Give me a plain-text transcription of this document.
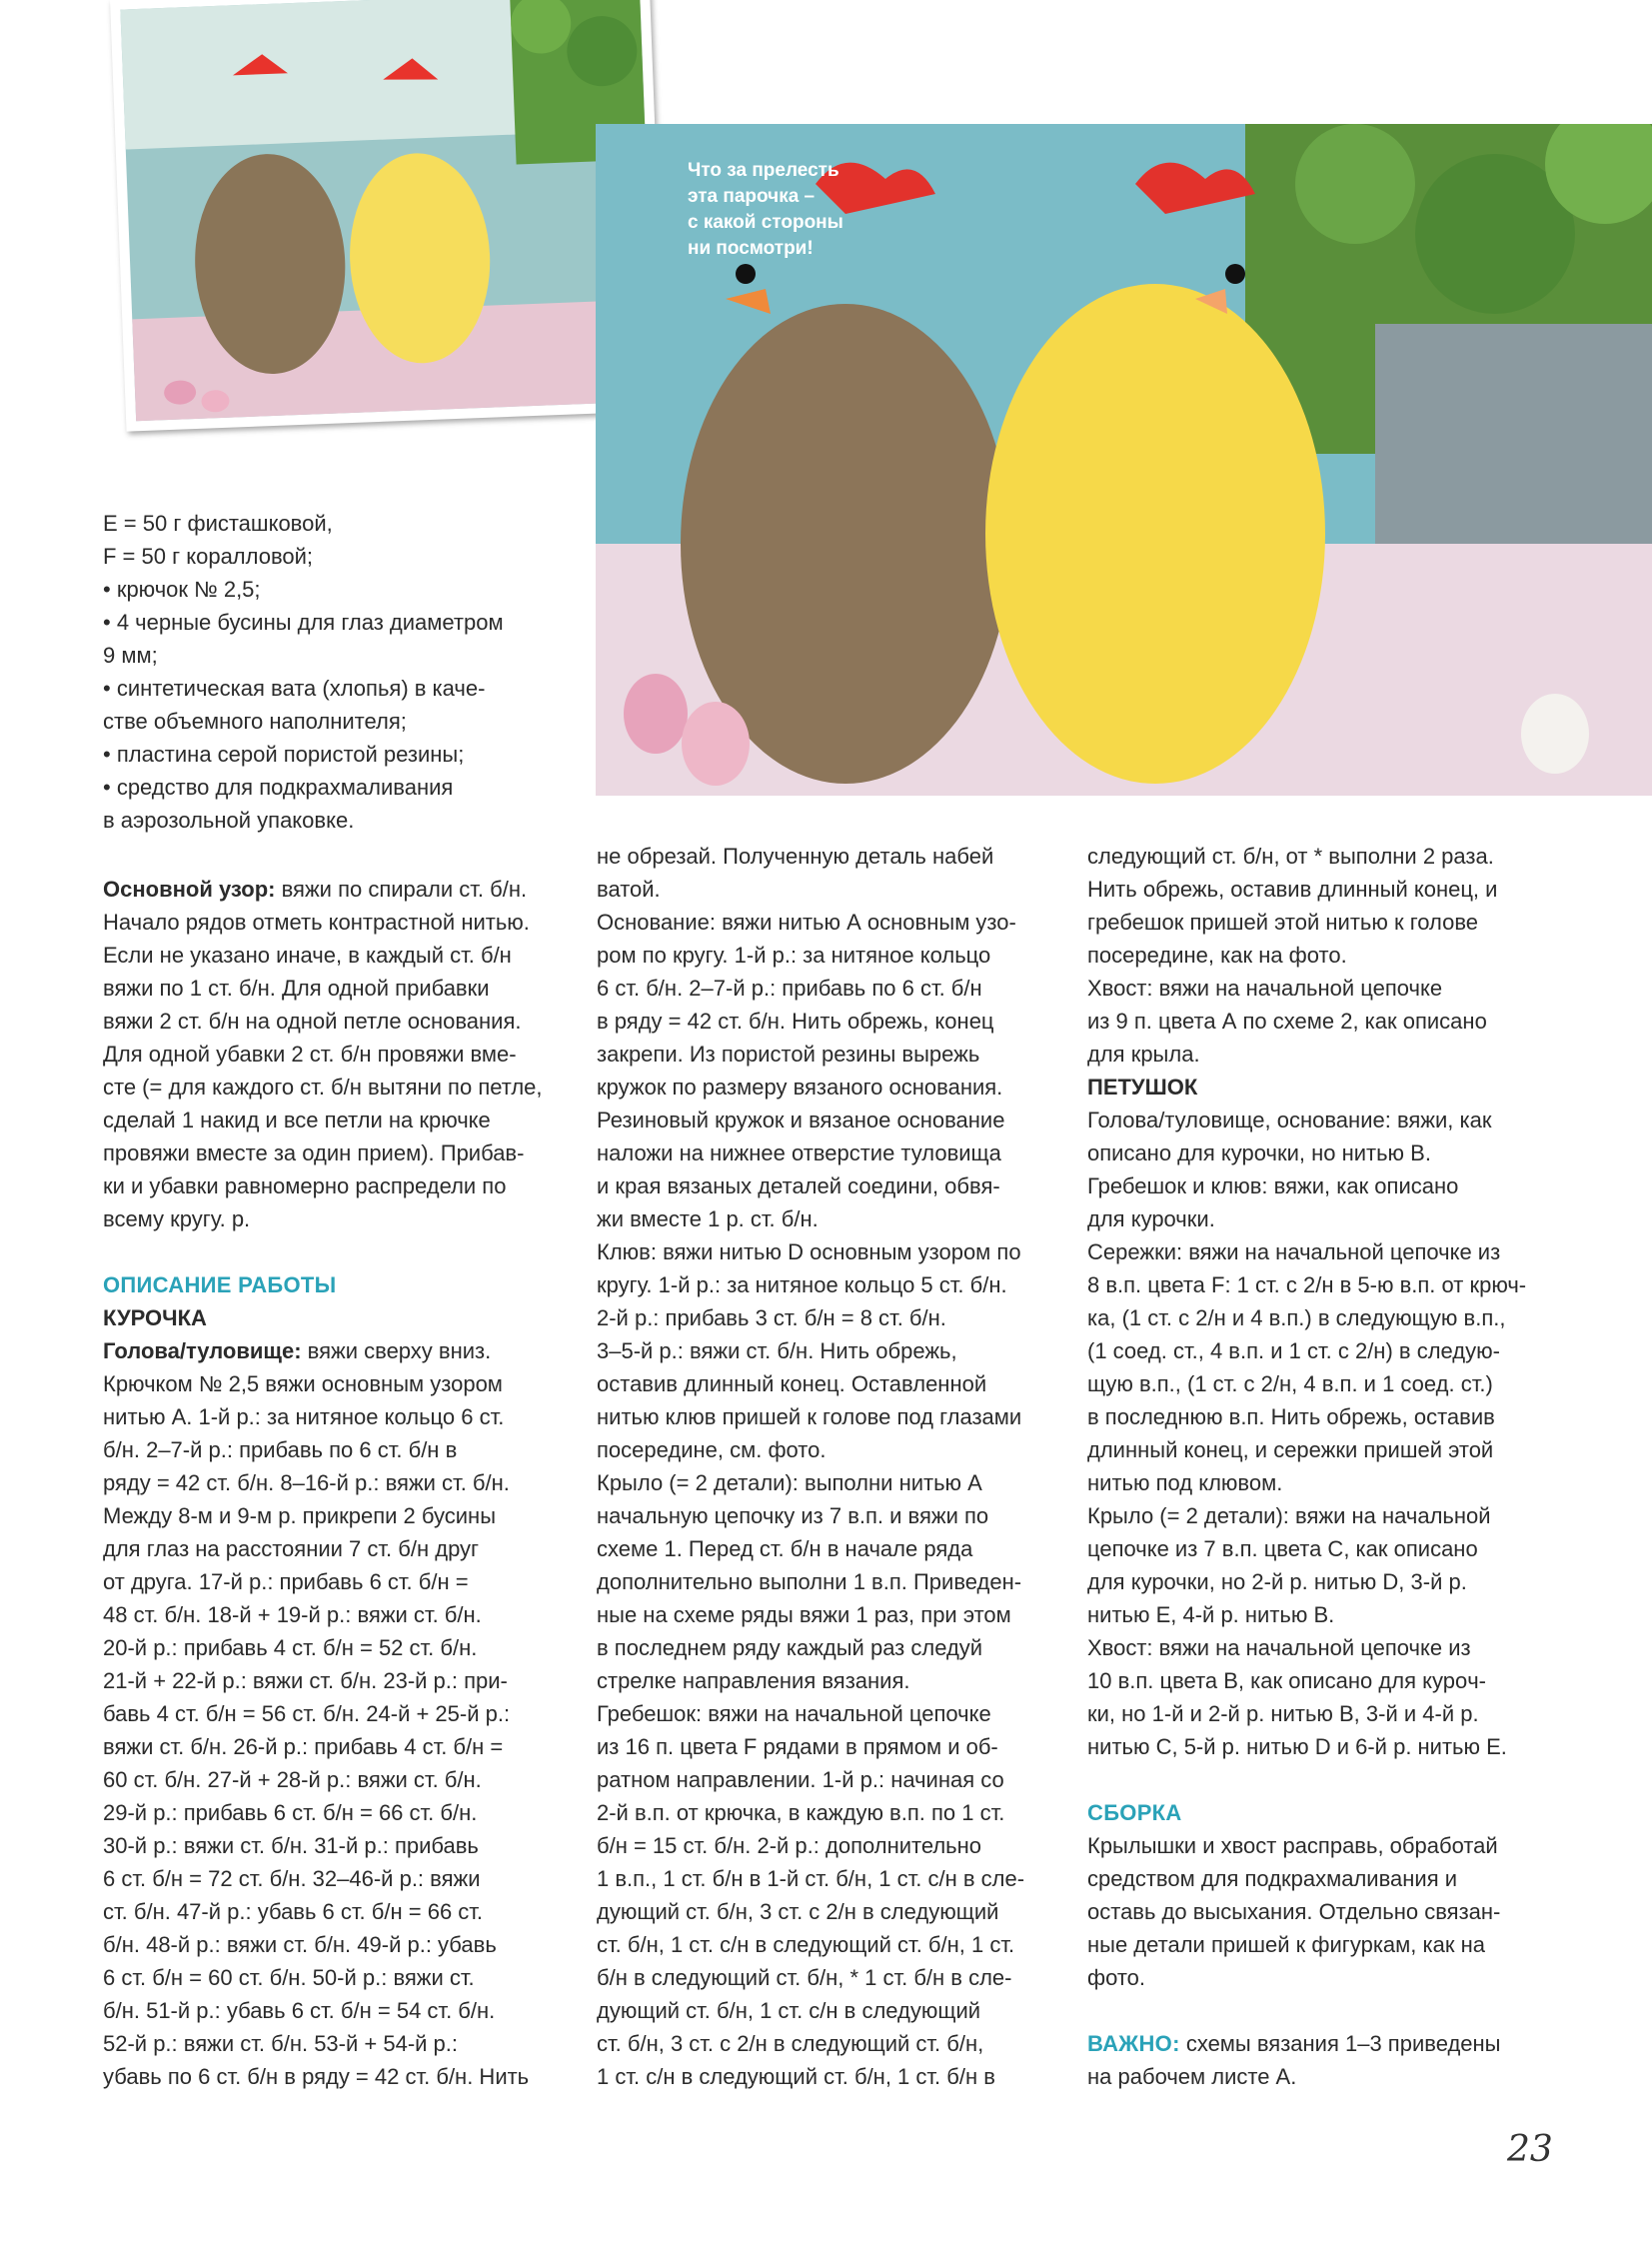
Что за прелесть
эта парочка –
с какой стороны
ни посмотри!
E = 50 г фисташковой,
F = 50 г коралловой;
• крючок № 2,5;
• 4 черные бусины для глаз диаметром
9 мм;
• синтетическая вата (хлопья) в каче-
стве объемного наполнителя;
• пластина серой пористой резины;
• средство для подкрахмаливания
в аэрозольной упаковке.
Основной узор: вяжи по спирали ст. б/н.
Начало рядов отметь контрастной нитью.
Если не указано иначе, в каждый ст. б/н
вяжи по 1 ст. б/н. Для одной прибавки
вяжи 2 ст. б/н на одной петле основания.
Для одной убавки 2 ст. б/н провяжи вме-
сте (= для каждого ст. б/н вытяни по петле,
сделай 1 накид и все петли на крючке
провяжи вместе за один прием). Прибав-
ки и убавки равномерно распредели по
всему кругу. р.
ОПИСАНИЕ РАБОТЫ
КУРОЧКА
Голова/туловище: вяжи сверху вниз.
Крючком № 2,5 вяжи основным узором
нитью А. 1-й р.: за нитяное кольцо 6 ст.
б/н. 2–7-й р.: прибавь по 6 ст. б/н в
ряду = 42 ст. б/н. 8–16-й р.: вяжи ст. б/н.
Между 8-м и 9-м р. прикрепи 2 бусины
для глаз на расстоянии 7 ст. б/н друг
от друга. 17-й р.: прибавь 6 ст. б/н =
48 ст. б/н. 18-й + 19-й р.: вяжи ст. б/н.
20-й р.: прибавь 4 ст. б/н = 52 ст. б/н.
21-й + 22-й р.: вяжи ст. б/н. 23-й р.: при-
бавь 4 ст. б/н = 56 ст. б/н. 24-й + 25-й р.:
вяжи ст. б/н. 26-й р.: прибавь 4 ст. б/н =
60 ст. б/н. 27-й + 28-й р.: вяжи ст. б/н.
29-й р.: прибавь 6 ст. б/н = 66 ст. б/н.
30-й р.: вяжи ст. б/н. 31-й р.: прибавь
6 ст. б/н = 72 ст. б/н. 32–46-й р.: вяжи
ст. б/н. 47-й р.: убавь 6 ст. б/н = 66 ст.
б/н. 48-й р.: вяжи ст. б/н. 49-й р.: убавь
6 ст. б/н = 60 ст. б/н. 50-й р.: вяжи ст.
б/н. 51-й р.: убавь 6 ст. б/н = 54 ст. б/н.
52-й р.: вяжи ст. б/н. 53-й + 54-й р.:
убавь по 6 ст. б/н в ряду = 42 ст. б/н. Нить
не обрезай. Полученную деталь набей
ватой.
Основание: вяжи нитью А основным узо-
ром по кругу. 1-й р.: за нитяное кольцо
6 ст. б/н. 2–7-й р.: прибавь по 6 ст. б/н
в ряду = 42 ст. б/н. Нить обрежь, конец
закрепи. Из пористой резины вырежь
кружок по размеру вязаного основания.
Резиновый кружок и вязаное основание
наложи на нижнее отверстие туловища
и края вязаных деталей соедини, обвя-
жи вместе 1 р. ст. б/н.
Клюв: вяжи нитью D основным узором по
кругу. 1-й р.: за нитяное кольцо 5 ст. б/н.
2-й р.: прибавь 3 ст. б/н = 8 ст. б/н.
3–5-й р.: вяжи ст. б/н. Нить обрежь,
оставив длинный конец. Оставленной
нитью клюв пришей к голове под глазами
посередине, см. фото.
Крыло (= 2 детали): выполни нитью А
начальную цепочку из 7 в.п. и вяжи по
схеме 1. Перед ст. б/н в начале ряда
дополнительно выполни 1 в.п. Приведен-
ные на схеме ряды вяжи 1 раз, при этом
в последнем ряду каждый раз следуй
стрелке направления вязания.
Гребешок: вяжи на начальной цепочке
из 16 п. цвета F рядами в прямом и об-
ратном направлении. 1-й р.: начиная со
2-й в.п. от крючка, в каждую в.п. по 1 ст.
б/н = 15 ст. б/н. 2-й р.: дополнительно
1 в.п., 1 ст. б/н в 1-й ст. б/н, 1 ст. с/н в сле-
дующий ст. б/н, 3 ст. с 2/н в следующий
ст. б/н, 1 ст. с/н в следующий ст. б/н, 1 ст.
б/н в следующий ст. б/н, * 1 ст. б/н в сле-
дующий ст. б/н, 1 ст. с/н в следующий
ст. б/н, 3 ст. с 2/н в следующий ст. б/н,
1 ст. с/н в следующий ст. б/н, 1 ст. б/н в
следующий ст. б/н, от * выполни 2 раза.
Нить обрежь, оставив длинный конец, и
гребешок пришей этой нитью к голове
посередине, как на фото.
Хвост: вяжи на начальной цепочке
из 9 п. цвета А по схеме 2, как описано
для крыла.
ПЕТУШОК
Голова/туловище, основание: вяжи, как
описано для курочки, но нитью В.
Гребешок и клюв: вяжи, как описано
для курочки.
Сережки: вяжи на начальной цепочке из
8 в.п. цвета F: 1 ст. с 2/н в 5-ю в.п. от крюч-
ка, (1 ст. с 2/н и 4 в.п.) в следующую в.п.,
(1 соед. ст., 4 в.п. и 1 ст. с 2/н) в следую-
щую в.п., (1 ст. с 2/н, 4 в.п. и 1 соед. ст.)
в последнюю в.п. Нить обрежь, оставив
длинный конец, и сережки пришей этой
нитью под клювом.
Крыло (= 2 детали): вяжи на начальной
цепочке из 7 в.п. цвета С, как описано
для курочки, но 2-й р. нитью D, 3-й р.
нитью Е, 4-й р. нитью В.
Хвост: вяжи на начальной цепочке из
10 в.п. цвета В, как описано для курoч-
ки, но 1-й и 2-й р. нитью В, 3-й и 4-й р.
нитью С, 5-й р. нитью D и 6-й р. нитью Е.
СБОРКА
Крылышки и хвост расправь, обработай
средством для подкрахмаливания и
оставь до высыхания. Отдельно связан-
ные детали пришей к фигуркам, как на
фото.
ВАЖНО: схемы вязания 1–3 приведены
на рабочем листе А.
23
